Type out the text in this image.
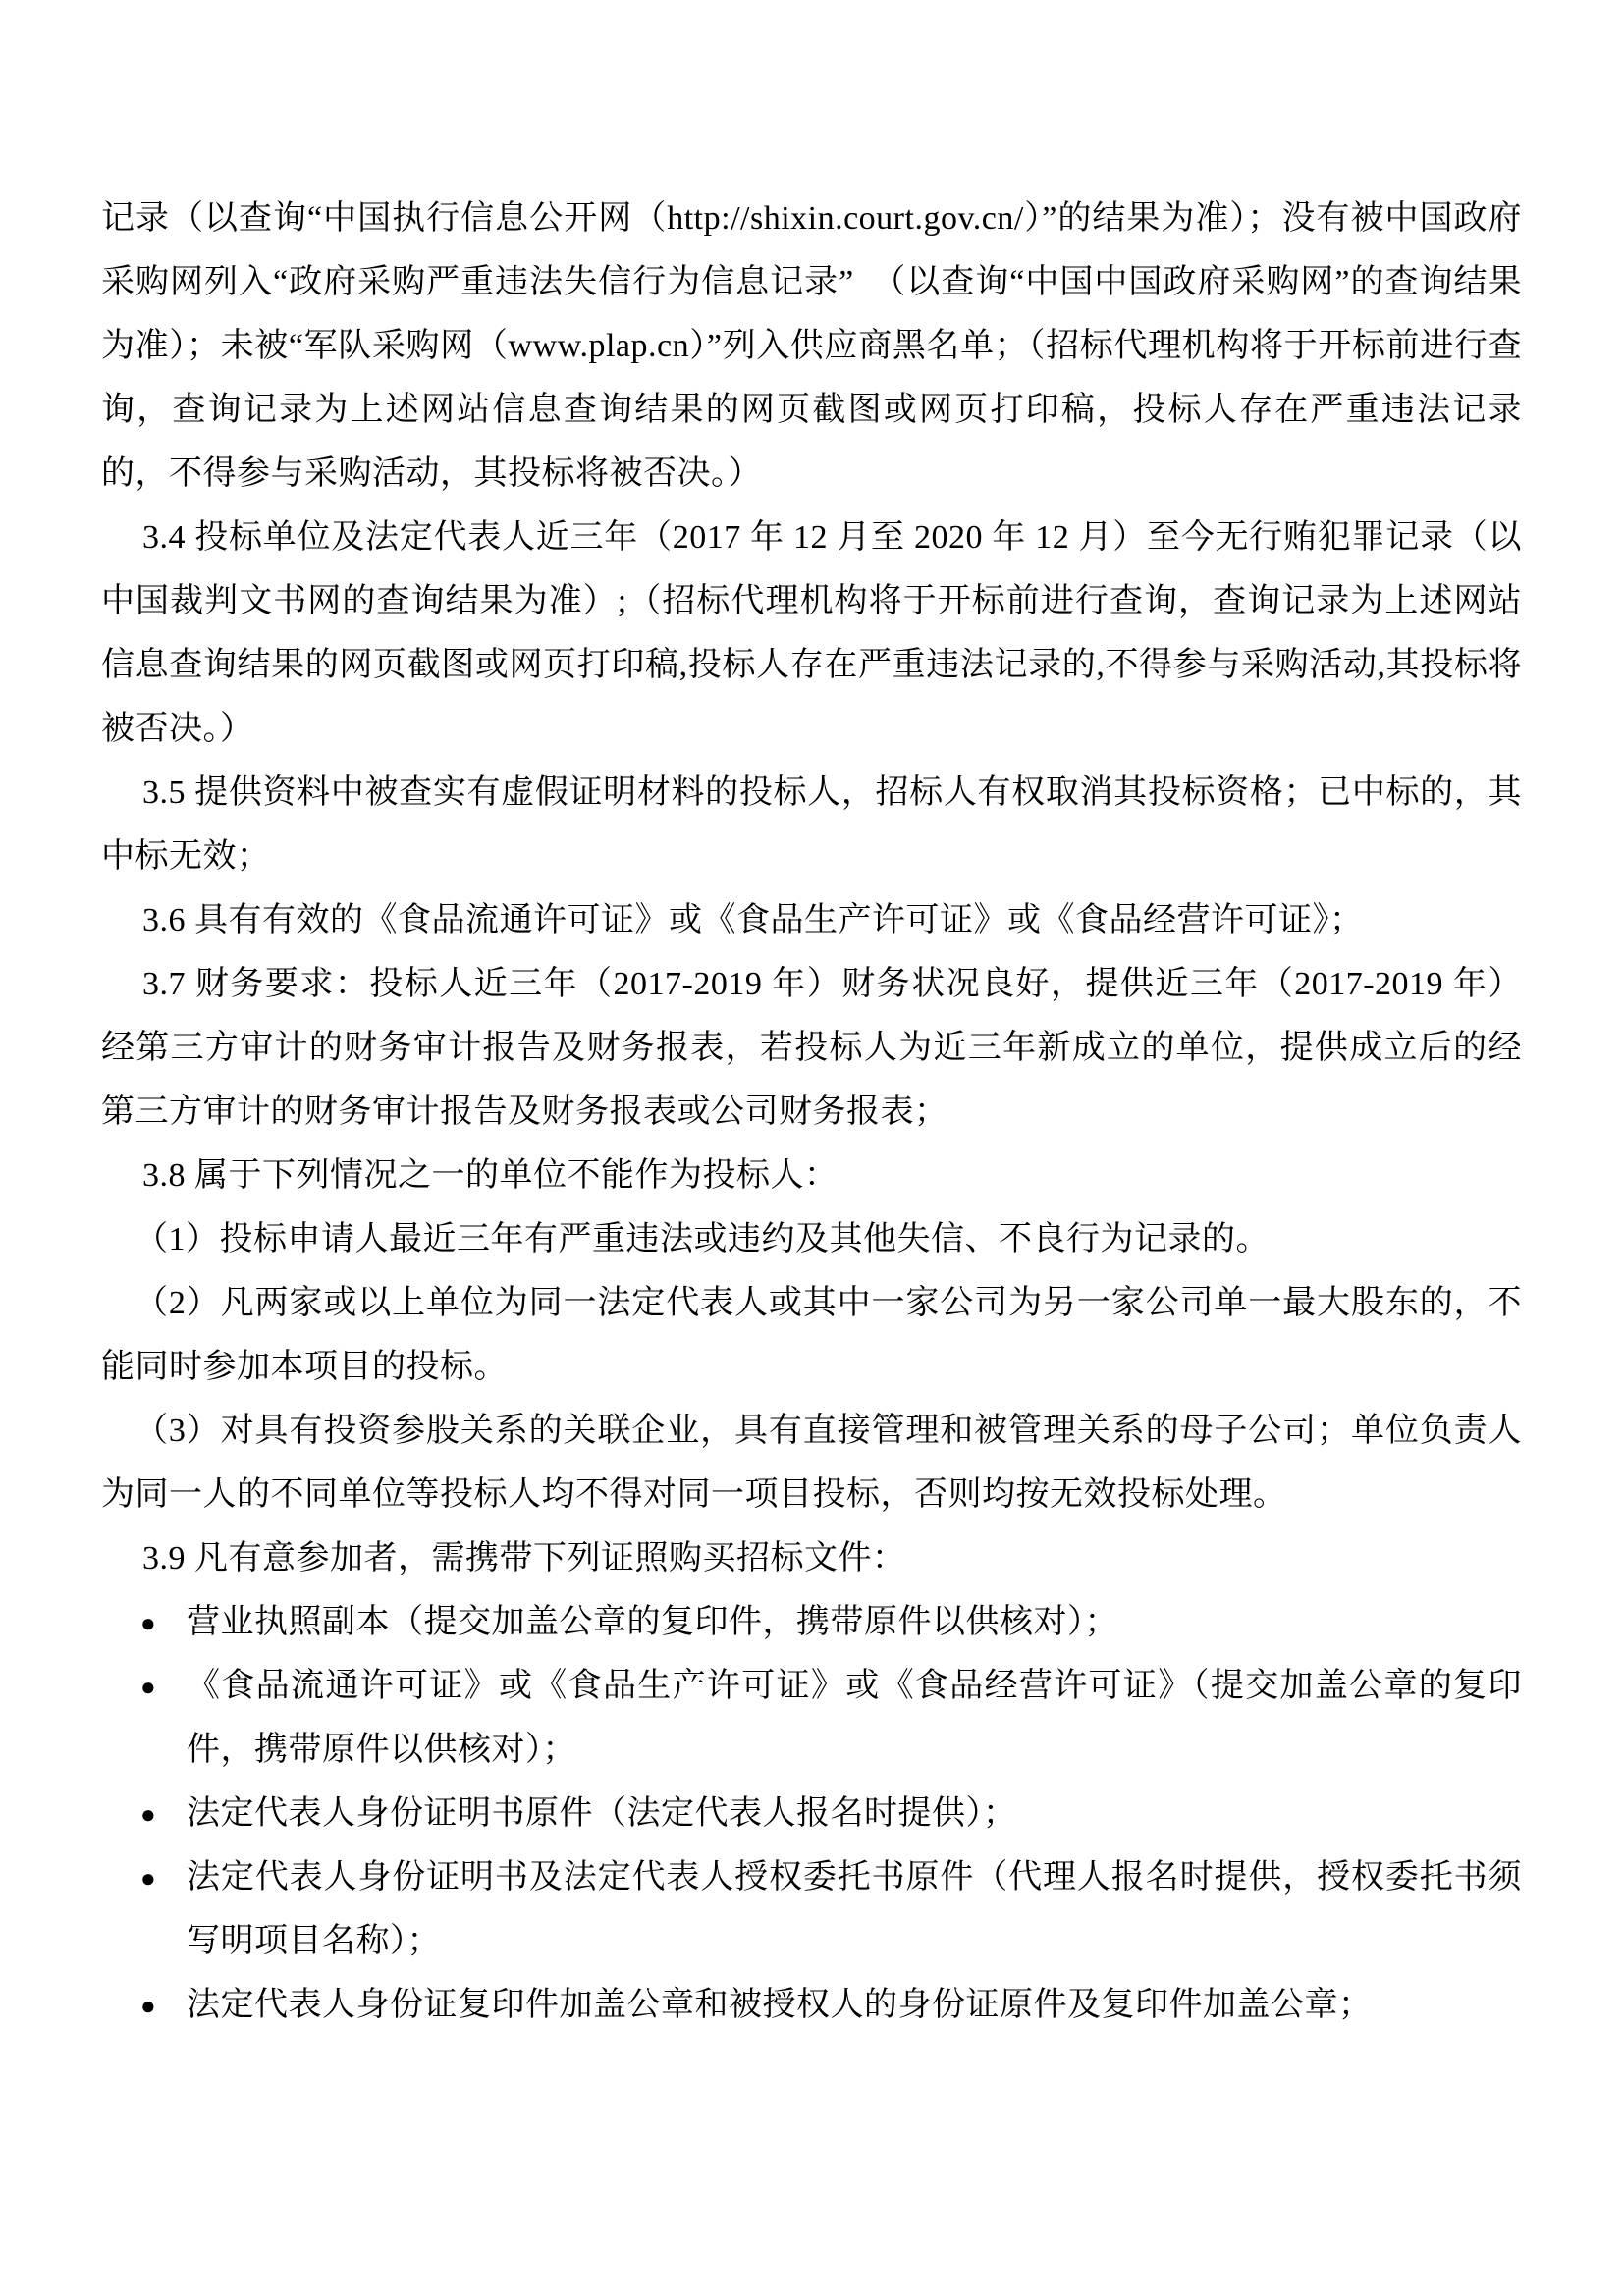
记录（以查询“中国执行信息公开网（http://shixin.court.gov.cn/）”的结果为准）；没有被中国政府采购网列入“政府采购严重违法失信行为信息记录”　（以查询“中国中国政府采购网”的查询结果为准）；未被“军队采购网（www.plap.cn）”列入供应商黑名单；（招标代理机构将于开标前进行查询，查询记录为上述网站信息查询结果的网页截图或网页打印稿，投标人存在严重违法记录的，不得参与采购活动，其投标将被否决。）

3.4 投标单位及法定代表人近三年（2017 年 12 月至 2020 年 12 月）至今无行贿犯罪记录（以中国裁判文书网的查询结果为准）;（招标代理机构将于开标前进行查询，查询记录为上述网站信息查询结果的网页截图或网页打印稿,投标人存在严重违法记录的,不得参与采购活动,其投标将被否决。）

3.5 提供资料中被查实有虚假证明材料的投标人，招标人有权取消其投标资格；已中标的，其中标无效；

3.6 具有有效的《食品流通许可证》或《食品生产许可证》或《食品经营许可证》；

3.7 财务要求：投标人近三年（2017-2019 年）财务状况良好，提供近三年（2017-2019 年）经第三方审计的财务审计报告及财务报表，若投标人为近三年新成立的单位，提供成立后的经第三方审计的财务审计报告及财务报表或公司财务报表；

3.8 属于下列情况之一的单位不能作为投标人：

（1）投标申请人最近三年有严重违法或违约及其他失信、不良行为记录的。

（2）凡两家或以上单位为同一法定代表人或其中一家公司为另一家公司单一最大股东的，不能同时参加本项目的投标。

（3）对具有投资参股关系的关联企业，具有直接管理和被管理关系的母子公司；单位负责人为同一人的不同单位等投标人均不得对同一项目投标，否则均按无效投标处理。

3.9 凡有意参加者，需携带下列证照购买招标文件：

● 营业执照副本（提交加盖公章的复印件，携带原件以供核对）；
● 《食品流通许可证》或《食品生产许可证》或《食品经营许可证》（提交加盖公章的复印件，携带原件以供核对）；
● 法定代表人身份证明书原件（法定代表人报名时提供）；
● 法定代表人身份证明书及法定代表人授权委托书原件（代理人报名时提供，授权委托书须写明项目名称）；
● 法定代表人身份证复印件加盖公章和被授权人的身份证原件及复印件加盖公章；
